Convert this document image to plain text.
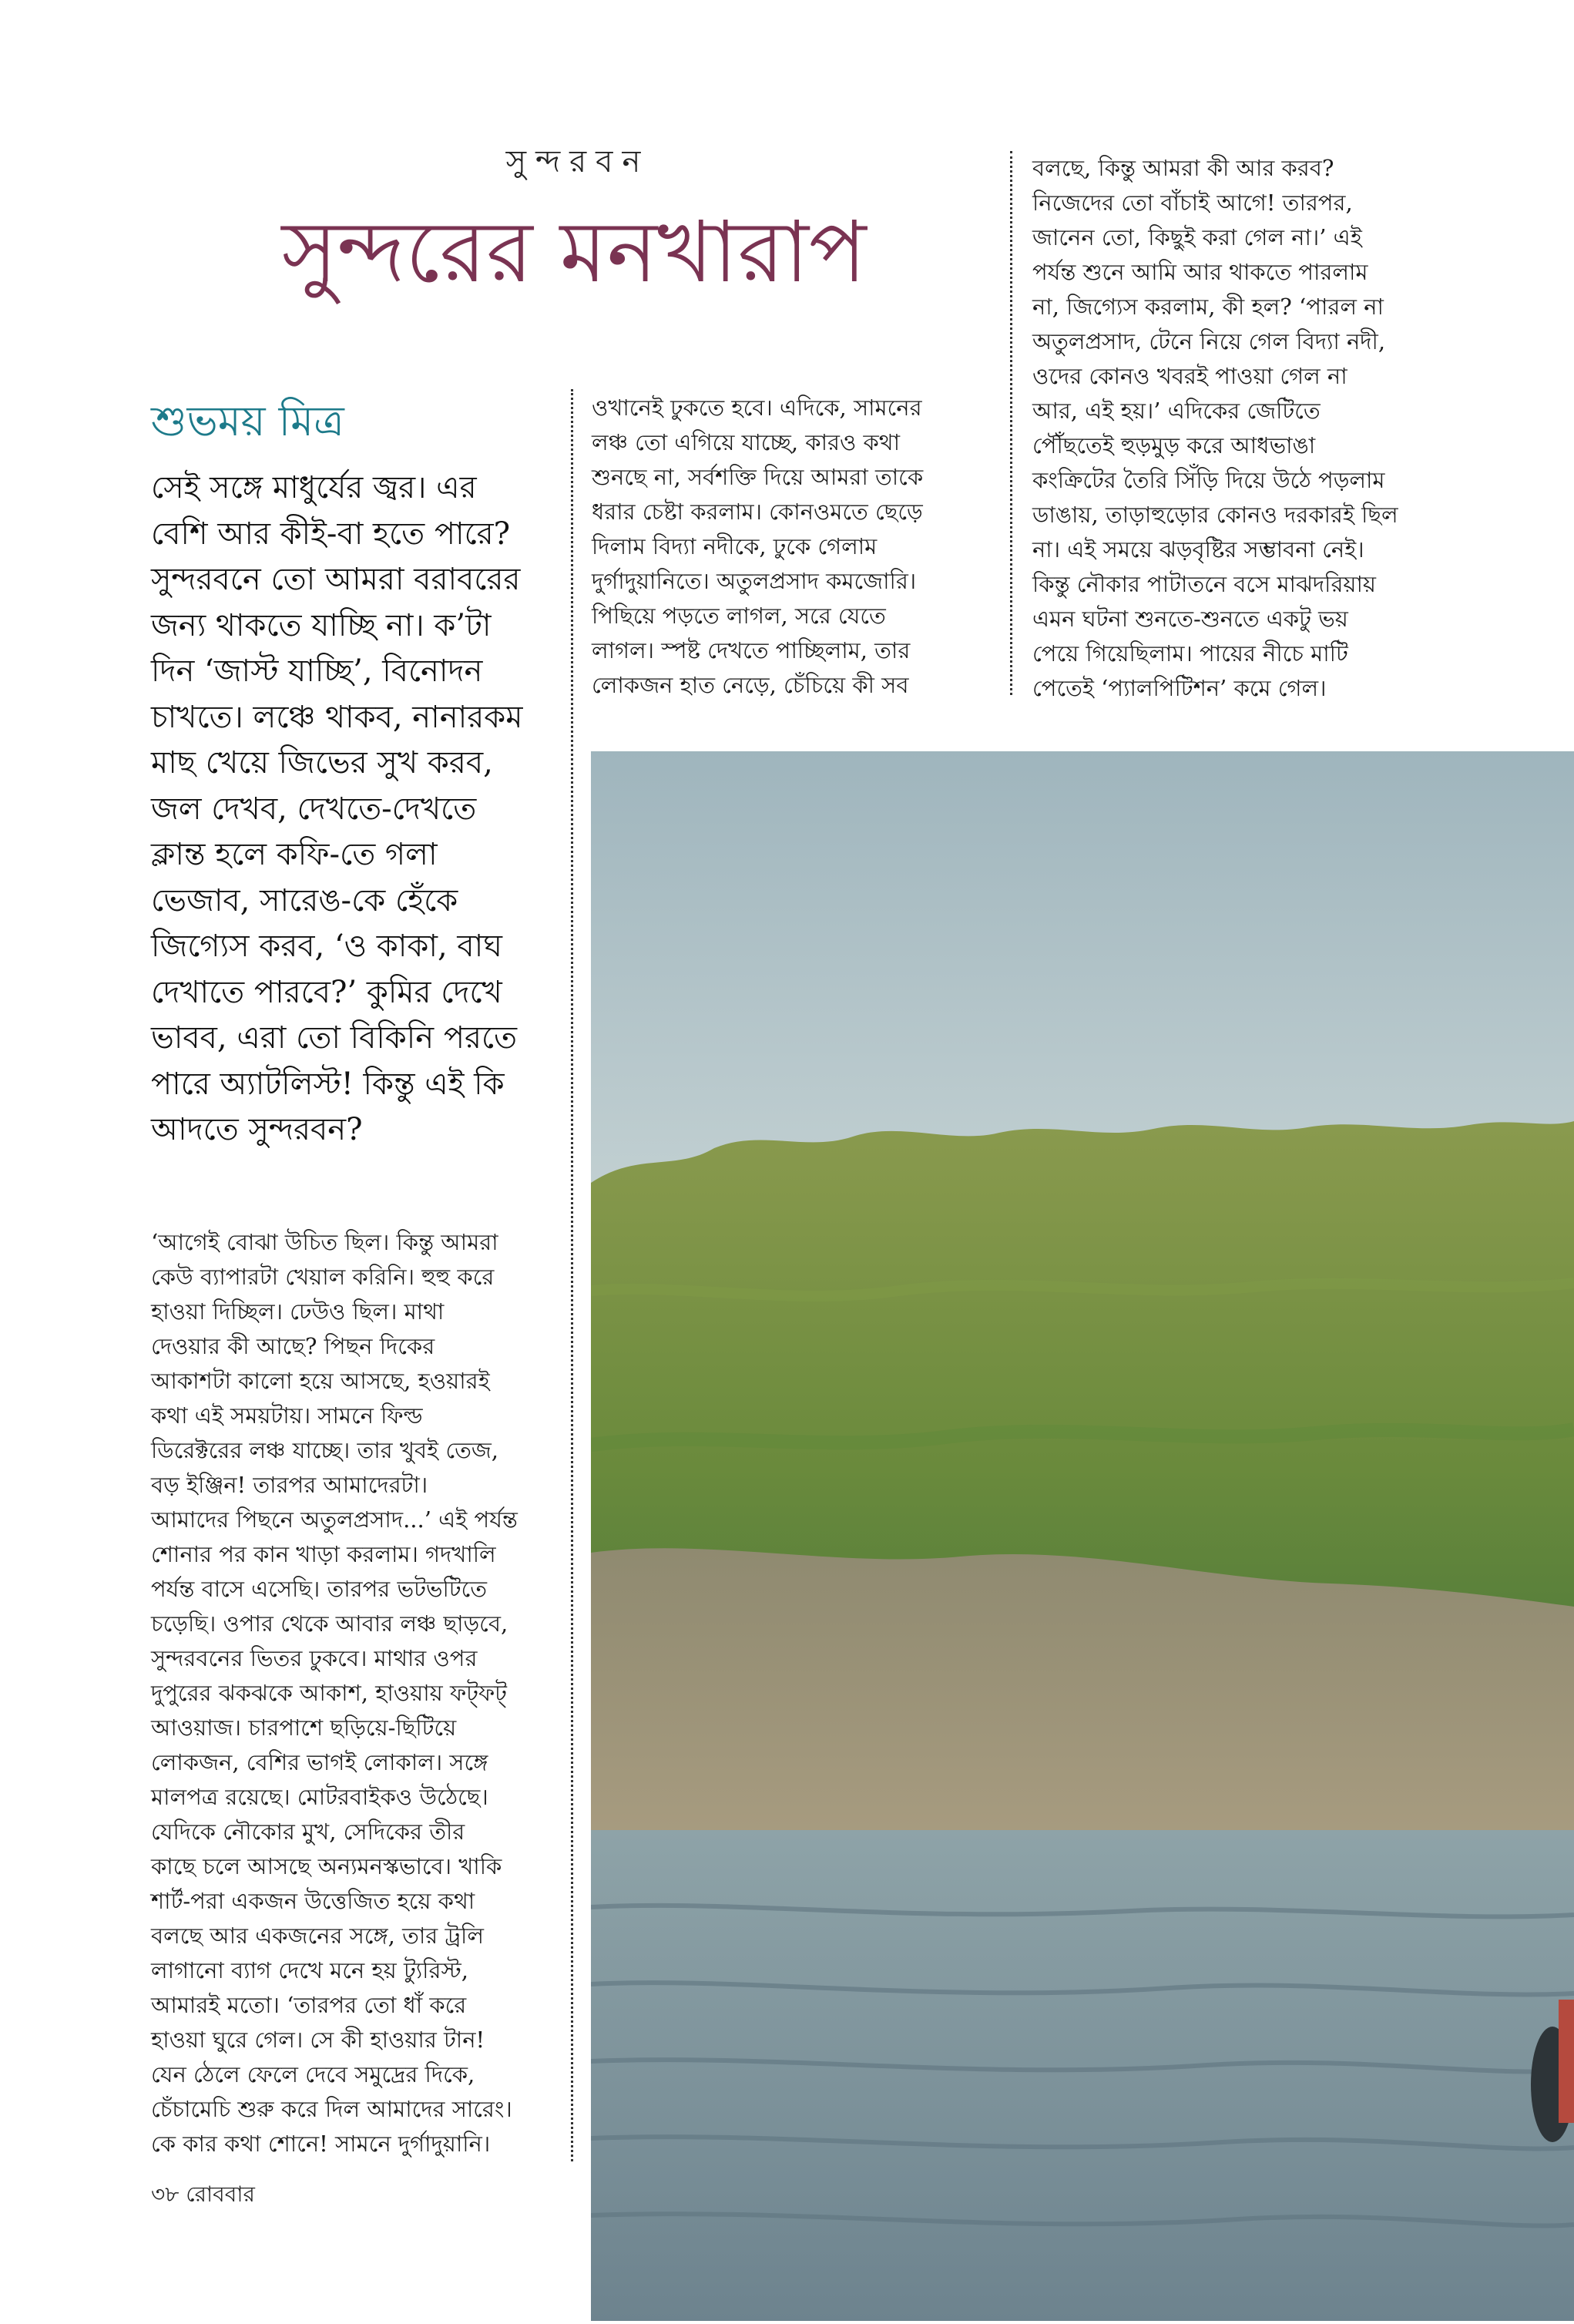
সুন্দরবন
সুন্দরের মনখারাপ
শুভময় মিত্র
সেই সঙ্গে মাধুর্যের জ্বর। এর
বেশি আর কীই-বা হতে পারে?
সুন্দরবনে তো আমরা বরাবরের
জন্য থাকতে যাচ্ছি না। ক’টা
দিন ‘জাস্ট যাচ্ছি’, বিনোদন
চাখতে। লঞ্চে থাকব, নানারকম
মাছ খেয়ে জিভের সুখ করব,
জল দেখব, দেখতে-দেখতে
ক্লান্ত হলে কফি-তে গলা
ভেজাব, সারেঙ-কে হেঁকে
জিগ্যেস করব, ‘ও কাকা, বাঘ
দেখাতে পারবে?’ কুমির দেখে
ভাবব, এরা তো বিকিনি পরতে
পারে অ্যাটলিস্ট! কিন্তু এই কি
আদতে সুন্দরবন?
‘আগেই বোঝা উচিত ছিল। কিন্তু আমরা
কেউ ব্যাপারটা খেয়াল করিনি। হুহু করে
হাওয়া দিচ্ছিল। ঢেউও ছিল। মাথা
দেওয়ার কী আছে? পিছন দিকের
আকাশটা কালো হয়ে আসছে, হওয়ারই
কথা এই সময়টায়। সামনে ফিল্ড
ডিরেক্টরের লঞ্চ যাচ্ছে। তার খুবই তেজ,
বড় ইঞ্জিন! তারপর আমাদেরটা।
আমাদের পিছনে অতুলপ্রসাদ...’ এই পর্যন্ত
শোনার পর কান খাড়া করলাম। গদখালি
পর্যন্ত বাসে এসেছি। তারপর ভটভটিতে
চড়েছি। ওপার থেকে আবার লঞ্চ ছাড়বে,
সুন্দরবনের ভিতর ঢুকবে। মাথার ওপর
দুপুরের ঝকঝকে আকাশ, হাওয়ায় ফট্‌ফট্
আওয়াজ। চারপাশে ছড়িয়ে-ছিটিয়ে
লোকজন, বেশির ভাগই লোকাল। সঙ্গে
মালপত্র রয়েছে। মোটরবাইকও উঠেছে।
যেদিকে নৌকোর মুখ, সেদিকের তীর
কাছে চলে আসছে অন্যমনস্কভাবে। খাকি
শার্ট-পরা একজন উত্তেজিত হয়ে কথা
বলছে আর একজনের সঙ্গে, তার ট্রলি
লাগানো ব্যাগ দেখে মনে হয় ট্যুরিস্ট,
আমারই মতো। ‘তারপর তো ধাঁ করে
হাওয়া ঘুরে গেল। সে কী হাওয়ার টান!
যেন ঠেলে ফেলে দেবে সমুদ্রের দিকে,
চেঁচামেচি শুরু করে দিল আমাদের সারেং।
কে কার কথা শোনে! সামনে দুর্গাদুয়ানি।
ওখানেই ঢুকতে হবে। এদিকে, সামনের
লঞ্চ তো এগিয়ে যাচ্ছে, কারও কথা
শুনছে না, সর্বশক্তি দিয়ে আমরা তাকে
ধরার চেষ্টা করলাম। কোনওমতে ছেড়ে
দিলাম বিদ্যা নদীকে, ঢুকে গেলাম
দুর্গাদুয়ানিতে। অতুলপ্রসাদ কমজোরি।
পিছিয়ে পড়তে লাগল, সরে যেতে
লাগল। স্পষ্ট দেখতে পাচ্ছিলাম, তার
লোকজন হাত নেড়ে, চেঁচিয়ে কী সব
বলছে, কিন্তু আমরা কী আর করব?
নিজেদের তো বাঁচাই আগে! তারপর,
জানেন তো, কিছুই করা গেল না।’ এই
পর্যন্ত শুনে আমি আর থাকতে পারলাম
না, জিগ্যেস করলাম, কী হল? ‘পারল না
অতুলপ্রসাদ, টেনে নিয়ে গেল বিদ্যা নদী,
ওদের কোনও খবরই পাওয়া গেল না
আর, এই হয়।’ এদিকের জেটিতে
পৌঁছতেই হুড়মুড় করে আধভাঙা
কংক্রিটের তৈরি সিঁড়ি দিয়ে উঠে পড়লাম
ডাঙায়, তাড়াহুড়োর কোনও দরকারই ছিল
না। এই সময়ে ঝড়বৃষ্টির সম্ভাবনা নেই।
কিন্তু নৌকার পাটাতনে বসে মাঝদরিয়ায়
এমন ঘটনা শুনতে-শুনতে একটু ভয়
পেয়ে গিয়েছিলাম। পায়ের নীচে মাটি
পেতেই ‘প্যালপিটিশন’ কমে গেল।
৩৮ রোববার
